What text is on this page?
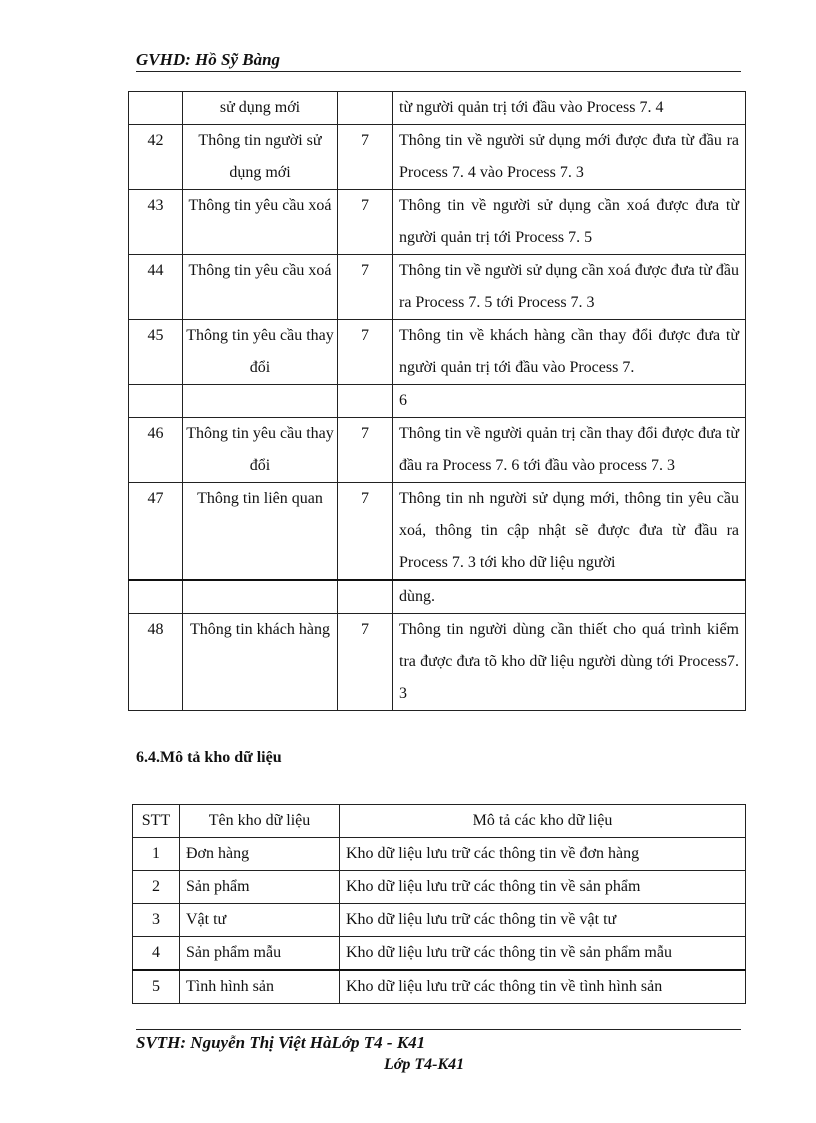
GVHD: Hồ Sỹ Bàng
	sử dụng mới		từ người quản trị tới đầu vào Process 7. 4
42	Thông tin người sử dụng mới	7	Thông tin về người sử dụng mới được đưa từ đầu ra Process 7. 4 vào Process 7. 3
43	Thông tin yêu cầu xoá	7	Thông tin về người sử dụng cần xoá được đưa từ người quản trị tới Process 7. 5
44	Thông tin yêu cầu xoá	7	Thông tin về người sử dụng cần xoá được đưa từ đầu ra Process 7. 5 tới Process 7. 3
45	Thông tin yêu cầu thay đổi	7	Thông tin về khách hàng cần thay đổi được đưa từ người quản trị tới đầu vào Process 7.
			6
46	Thông tin yêu cầu thay đổi	7	Thông tin về người quản trị cần thay đổi được đưa từ đầu ra Process 7. 6 tới đầu vào process 7. 3
47	Thông tin liên quan	7	Thông tin nh người sử dụng mới, thông tin yêu cầu xoá, thông tin cập nhật sẽ được đưa từ đầu ra Process 7. 3 tới kho dữ liệu người
			dùng.
48	Thông tin khách hàng	7	Thông tin người dùng cần thiết cho quá trình kiểm tra được đưa tõ kho dữ liệu người dùng tới Process7. 3
6.4.Mô tả kho dữ liệu
STT	Tên kho dữ liệu	Mô tả các kho dữ liệu
1	Đơn hàng	Kho dữ liệu lưu trữ các thông tin về đơn hàng
2	Sản phẩm	Kho dữ liệu lưu trữ các thông tin về sản phẩm
3	Vật tư	Kho dữ liệu lưu trữ các thông tin về vật tư
4	Sản phẩm mẫu	Kho dữ liệu lưu trữ các thông tin về sản phẩm mẫu
5	Tình hình sản	Kho dữ liệu lưu trữ các thông tin về tình hình sản
SVTH: Nguyễn Thị Việt HàLớp T4 - K41
Lớp T4-K41
